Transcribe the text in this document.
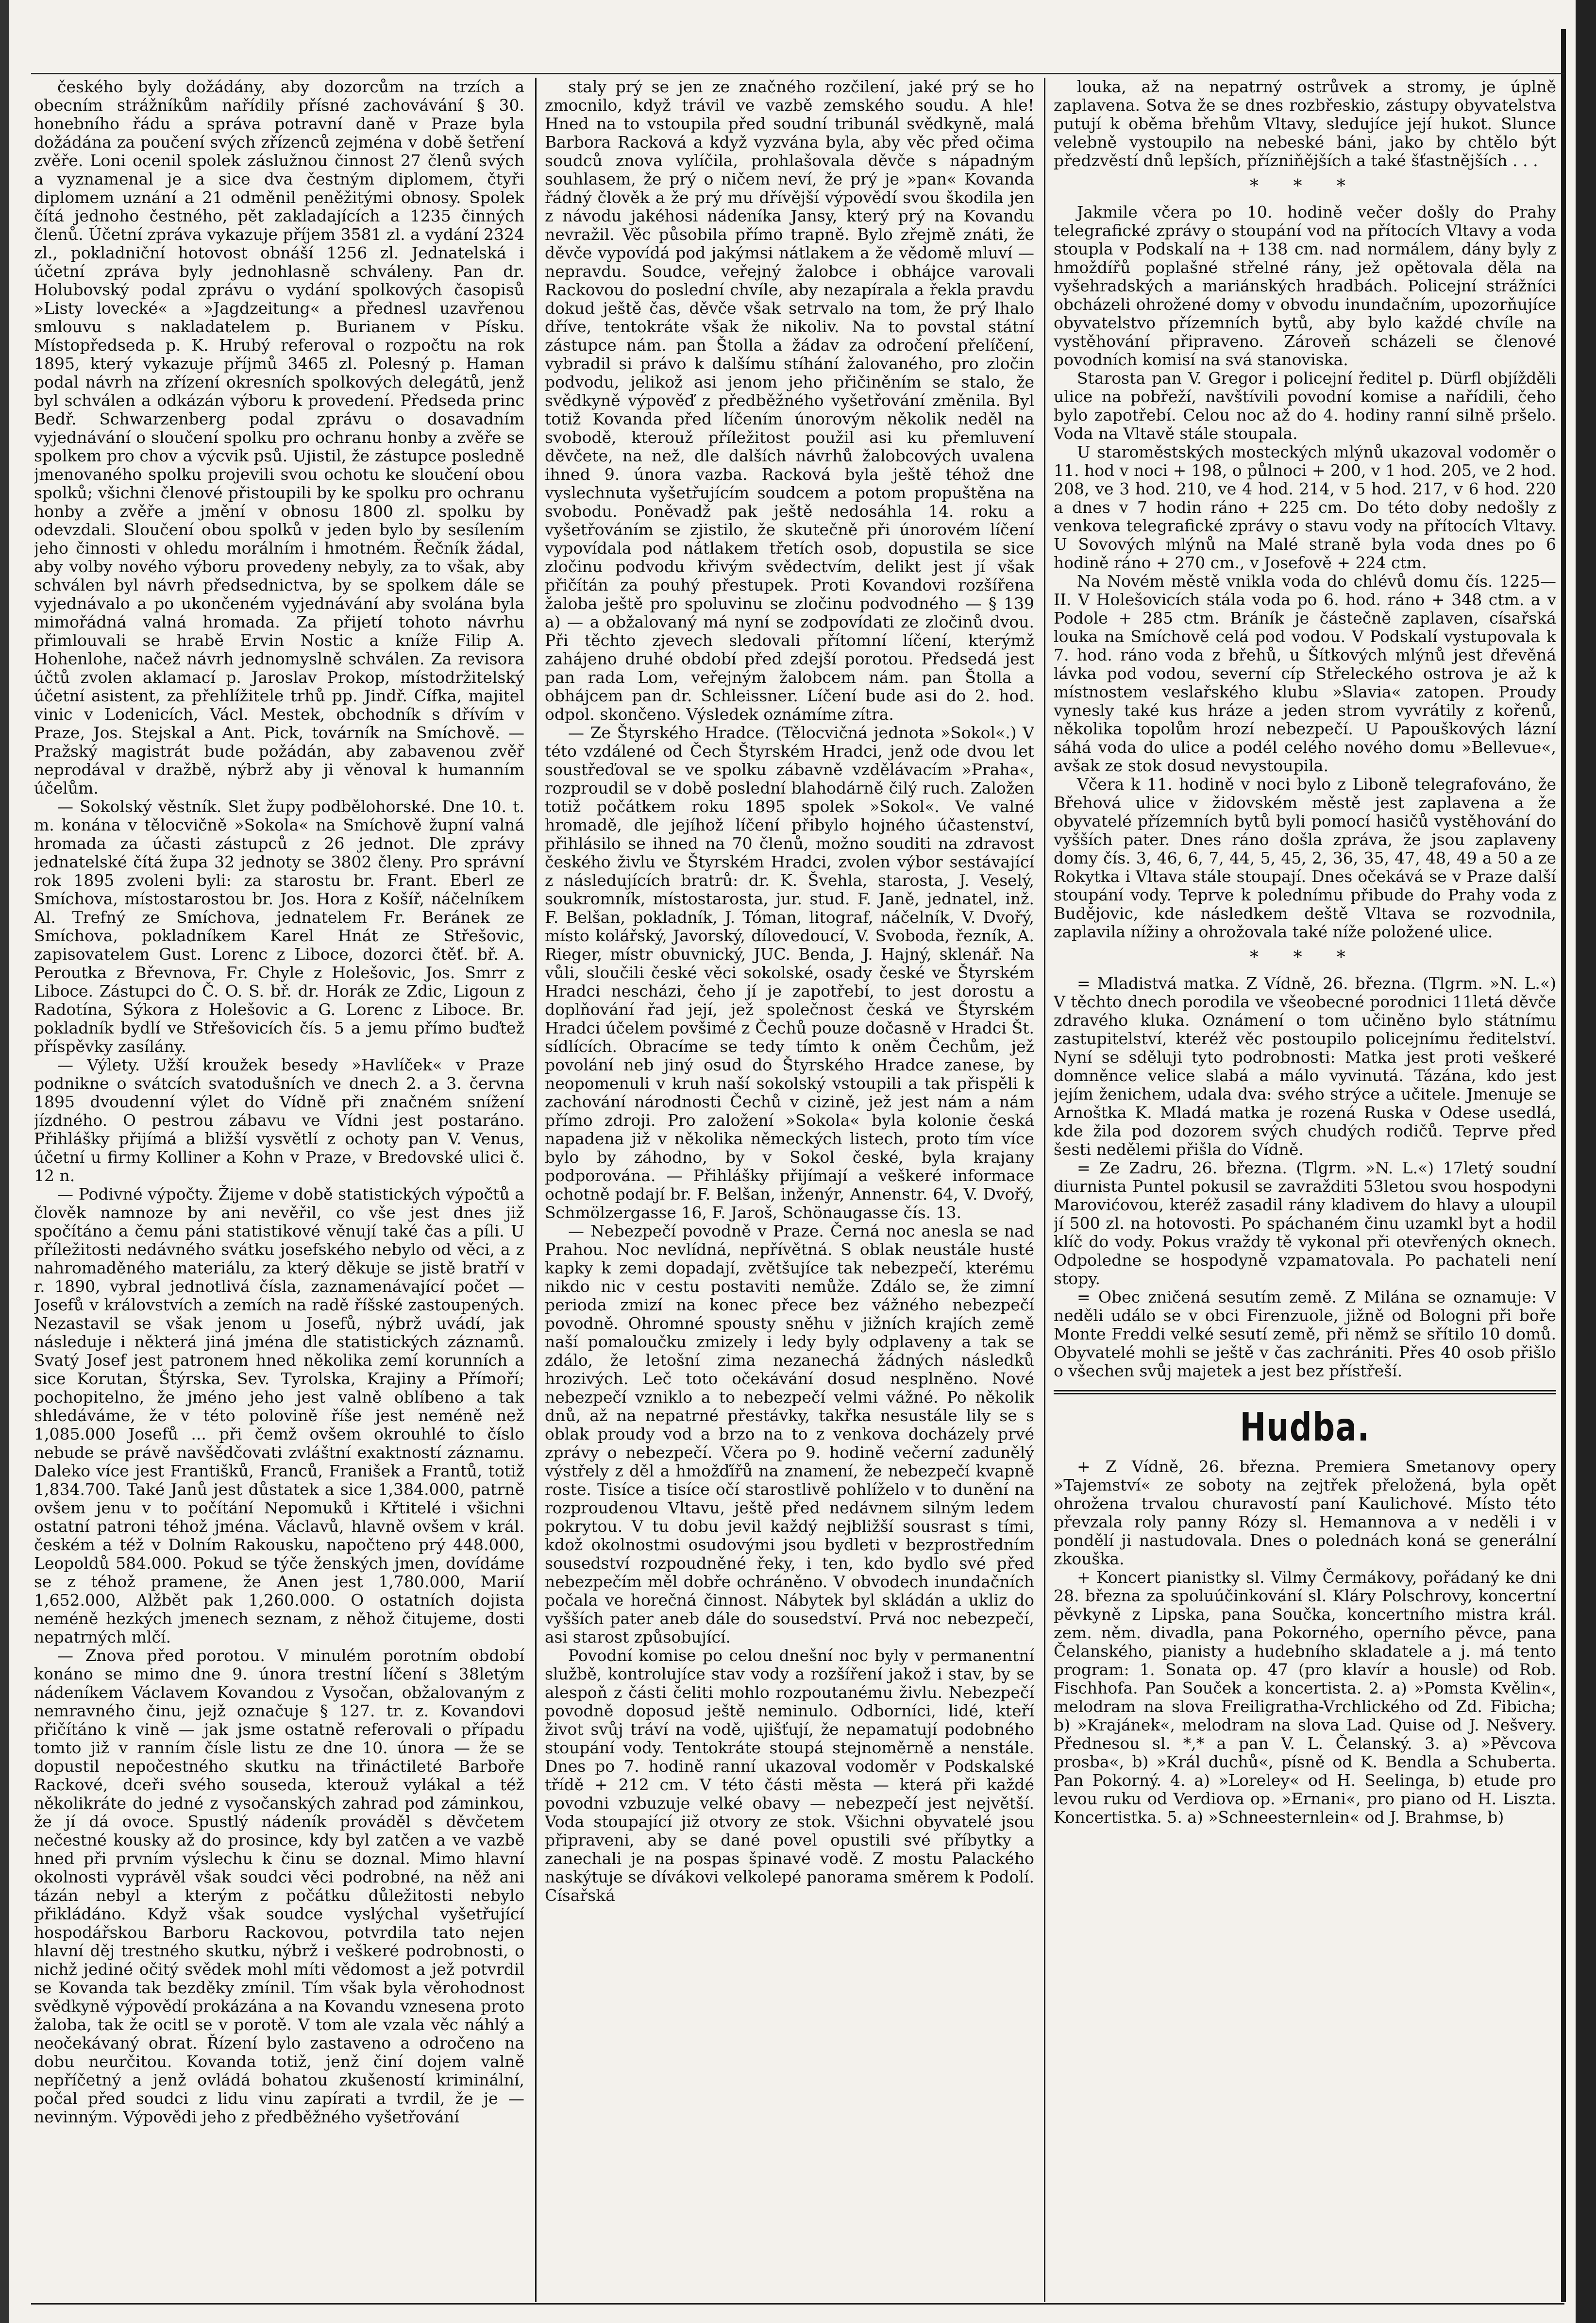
českého byly dožádány, aby dozorcům na trzích a obecním strážníkům nařídily přísné zachovávání § 30. honebního řádu a správa potravní daně v Praze byla dožádána za poučení svých zřízenců zejména v době šetření zvěře. Loni ocenil spolek záslužnou činnost 27 členů svých a vyznamenal je a sice dva čestným diplomem, čtyři diplomem uznání a 21 odměnil peněžitými obnosy. Spolek čítá jednoho čestného, pět zakladajících a 1235 činných členů. Účetní zpráva vykazuje příjem 3581 zl. a vydání 2324 zl., pokladniční hotovost obnáší 1256 zl. Jednatelská i účetní zpráva byly jednohlasně schváleny. Pan dr. Holubovský podal zprávu o vydání spolkových časopisů »Listy lovecké« a »Jagdzeitung« a přednesl uzavřenou smlouvu s nakladatelem p. Burianem v Písku. Místopředseda p. K. Hrubý referoval o rozpočtu na rok 1895, který vykazuje příjmů 3465 zl. Polesný p. Haman podal návrh na zřízení okresních spolkových delegátů, jenž byl schválen a odkázán výboru k provedení. Předseda princ Bedř. Schwarzenberg podal zprávu o dosavadním vyjednávání o sloučení spolku pro ochranu honby a zvěře se spolkem pro chov a výcvik psů. Ujistil, že zástupce posledně jmenovaného spolku projevili svou ochotu ke sloučení obou spolků; všichni členové přistoupili by ke spolku pro ochranu honby a zvěře a jmění v obnosu 1800 zl. spolku by odevzdali. Sloučení obou spolků v jeden bylo by sesílením jeho činnosti v ohledu morálním i hmotném. Řečník žádal, aby volby nového výboru provedeny nebyly, za to však, aby schválen byl návrh předsednictva, by se spolkem dále se vyjednávalo a po ukončeném vyjednávání aby svolána byla mimořádná valná hromada. Za přijetí tohoto návrhu přimlouvali se hrabě Ervin Nostic a kníže Filip A. Hohenlohe, načež návrh jednomyslně schválen. Za revisora účtů zvolen aklamací p. Jaroslav Prokop, místodržitelský účetní asistent, za přehlížitele trhů pp. Jindř. Cífka, majitel vinic v Lodenicích, Václ. Mestek, obchodník s dřívím v Praze, Jos. Stejskal a Ant. Pick, továrník na Smíchově. — Pražský magistrát bude požádán, aby zabavenou zvěř neprodával v dražbě, nýbrž aby ji věnoval k humanním účelům.

— Sokolský věstník. Slet župy podbělohorské. Dne 10. t. m. konána v tělocvičně »Sokola« na Smíchově župní valná hromada za účasti zástupců z 26 jednot. Dle zprávy jednatelské čítá župa 32 jednoty se 3802 členy. Pro správní rok 1895 zvoleni byli: za starostu br. Frant. Eberl ze Smíchova, místostarostou br. Jos. Hora z Košíř, náčelníkem Al. Trefný ze Smíchova, jednatelem Fr. Beránek ze Smíchova, pokladníkem Karel Hnát ze Střešovic, zapisovatelem Gust. Lorenc z Liboce, dozorci čtěť. bř. A. Peroutka z Břevnova, Fr. Chyle z Holešovic, Jos. Smrr z Liboce. Zástupci do Č. O. S. bř. dr. Horák ze Zdic, Ligoun z Radotína, Sýkora z Holešovic a G. Lorenc z Liboce. Br. pokladník bydlí ve Střešovicích čís. 5 a jemu přímo buďtež příspěvky zasílány.

— Výlety. Užší kroužek besedy »Havlíček« v Praze podnikne o svátcích svatodušních ve dnech 2. a 3. června 1895 dvoudenní výlet do Vídně při značném snížení jízdného. O pestrou zábavu ve Vídni jest postaráno. Přihlášky přijímá a bližší vysvětlí z ochoty pan V. Venus, účetní u firmy Kolliner a Kohn v Praze, v Bredovské ulici č. 12 n.

— Podivné výpočty. Žijeme v době statistických výpočtů a člověk namnoze by ani nevěřil, co vše jest dnes již spočítáno a čemu páni statistikové věnují také čas a píli. U příležitosti nedávného svátku josefského nebylo od věci, a z nahromaděného materiálu, za který děkuje se jistě bratří v r. 1890, vybral jednotlivá čísla, zaznamenávající počet — Josefů v královstvích a zemích na radě říšské zastoupených. Nezastavil se však jenom u Josefů, nýbrž uvádí, jak následuje i některá jiná jména dle statistických záznamů. Svatý Josef jest patronem hned několika zemí korunních a sice Korutan, Štýrska, Sev. Tyrolska, Krajiny a Přímoří; pochopitelno, že jméno jeho jest valně oblíbeno a tak shledáváme, že v této polovině říše jest neméně než 1,085.000 Josefů ... při čemž ovšem okrouhlé to číslo nebude se právě navšědčovati zvláštní exaktností záznamu. Daleko více jest Františků, Franců, Franišek a Frantů, totiž 1,834.700. Také Janů jest důstatek a sice 1,384.000, patrně ovšem jenu v to počítání Nepomuků i Křtitelé i všichni ostatní patroni téhož jména. Václavů, hlavně ovšem v král. českém a též v Dolním Rakousku, napočteno prý 448.000, Leopoldů 584.000. Pokud se týče ženských jmen, dovídáme se z téhož pramene, že Anen jest 1,780.000, Marií 1,652.000, Alžbět pak 1,260.000. O ostatních dojista neméně hezkých jmenech seznam, z něhož čitujeme, dosti nepatrných mlčí.

— Znova před porotou. V minulém porotním období konáno se mimo dne 9. února trestní líčení s 38letým nádeníkem Václavem Kovandou z Vysočan, obžalovaným z nemravného činu, jejž označuje § 127. tr. z. Kovandovi přičítáno k vině — jak jsme ostatně referovali o případu tomto již v ranním čísle listu ze dne 10. února — že se dopustil nepočestného skutku na třináctileté Barboře Rackové, dceři svého souseda, kterouž vylákal a též několikráte do jedné z vysočanských zahrad pod záminkou, že jí dá ovoce. Spustlý nádeník prováděl s děvčetem nečestné kousky až do prosince, kdy byl zatčen a ve vazbě hned při prvním výslechu k činu se doznal. Mimo hlavní okolnosti vyprávěl však soudci věci podrobné, na něž ani tázán nebyl a kterým z počátku důležitosti nebylo přikládáno. Když však soudce vyslýchal vyšetřující hospodářskou Barboru Rackovou, potvrdila tato nejen hlavní děj trestného skutku, nýbrž i veškeré podrobnosti, o nichž jediné očitý svědek mohl míti vědomost a jež potvrdil se Kovanda tak bezděky zmínil. Tím však byla věrohodnost svědkyně výpovědí prokázána a na Kovandu vznesena proto žaloba, tak že ocitl se v porotě. V tom ale vzala věc náhlý a neočekávaný obrat. Řízení bylo zastaveno a odročeno na dobu neurčitou. Kovanda totiž, jenž činí dojem valně nepříčetný a jenž ovládá bohatou zkušeností kriminální, počal před soudci z lidu vinu zapírati a tvrdil, že je — nevinným. Výpovědi jeho z předběžného vyšetřování

staly prý se jen ze značného rozčilení, jaké prý se ho zmocnilo, když trávil ve vazbě zemského soudu. A hle! Hned na to vstoupila před soudní tribunál svědkyně, malá Barbora Racková a když vyzvána byla, aby věc před očima soudců znova vylíčila, prohlašovala děvče s nápadným souhlasem, že prý o ničem neví, že prý je »pan« Kovanda řádný člověk a že prý mu dřívější výpovědí svou škodila jen z návodu jakéhosi nádeníka Jansy, který prý na Kovandu nevražil. Věc působila přímo trapně. Bylo zřejmě znáti, že děvče vypovídá pod jakýmsi nátlakem a že vědomě mluví — nepravdu. Soudce, veřejný žalobce i obhájce varovali Rackovou do poslední chvíle, aby nezapírala a řekla pravdu dokud ještě čas, děvče však setrvalo na tom, že prý lhalo dříve, tentokráte však že nikoliv. Na to povstal státní zástupce nám. pan Štolla a žádav za odročení přelíčení, vybradil si právo k dalšímu stíhání žalovaného, pro zločin podvodu, jelikož asi jenom jeho přičiněním se stalo, že svědkyně výpověď z předběžného vyšetřování změnila. Byl totiž Kovanda před líčením únorovým několik neděl na svobodě, kterouž příležitost použil asi ku přemluvení děvčete, na než, dle dalších návrhů žalobcových uvalena ihned 9. února vazba. Racková byla ještě téhož dne vyslechnuta vyšetřujícím soudcem a potom propuštěna na svobodu. Poněvadž pak ještě nedosáhla 14. roku a vyšetřováním se zjistilo, že skutečně při únorovém líčení vypovídala pod nátlakem třetích osob, dopustila se sice zločinu podvodu křivým svědectvím, delikt jest jí však přičítán za pouhý přestupek. Proti Kovandovi rozšířena žaloba ještě pro spoluvinu se zločinu podvodného — § 139 a) — a obžalovaný má nyní se zodpovídati ze zločinů dvou. Při těchto zjevech sledovali přítomní líčení, kterýmž zahájeno druhé období před zdejší porotou. Předsedá jest pan rada Lom, veřejným žalobcem nám. pan Štolla a obhájcem pan dr. Schleissner. Líčení bude asi do 2. hod. odpol. skončeno. Výsledek oznámíme zítra.

— Ze Štyrského Hradce. (Tělocvičná jednota »Sokol«.) V této vzdálené od Čech Štyrském Hradci, jenž ode dvou let soustřeďoval se ve spolku zábavně vzdělávacím »Praha«, rozproudil se v době poslední blahodárně čilý ruch. Založen totiž počátkem roku 1895 spolek »Sokol«. Ve valné hromadě, dle jejíhož líčení přibylo hojného účastenství, přihlásilo se ihned na 70 členů, možno souditi na zdravost českého živlu ve Štyrském Hradci, zvolen výbor sestávající z následujících bratrů: dr. K. Švehla, starosta, J. Veselý, soukromník, místostarosta, jur. stud. F. Janě, jednatel, inž. F. Belšan, pokladník, J. Tóman, litograf, náčelník, V. Dvořý, místo kolářský, Javorský, dílovedoucí, V. Svoboda, řezník, A. Rieger, místr obuvnický, JUC. Benda, J. Hajný, sklenář. Na vůli, sloučili české věci sokolské, osady české ve Štyrském Hradci nescházi, čeho jí je zapotřebí, to jest dorostu a doplňování řad její, jež společnost česká ve Štyrském Hradci účelem povšimé z Čechů pouze dočasně v Hradci Št. sídlících. Obracíme se tedy tímto k oněm Čechům, jež povolání neb jiný osud do Štyrského Hradce zanese, by neopomenuli v kruh naší sokolský vstoupili a tak přispěli k zachování národnosti Čechů v cizině, jež jest nám a nám přímo zdroji. Pro založení »Sokola« byla kolonie česká napadena již v několika německých listech, proto tím více bylo by záhodno, by v Sokol české, byla krajany podporována. — Přihlášky přijímají a veškeré informace ochotně podají br. F. Belšan, inženýr, Annenstr. 64, V. Dvořý, Schmölzergasse 16, F. Jaroš, Schönaugasse čís. 13.

— Nebezpečí povodně v Praze. Černá noc anesla se nad Prahou. Noc nevlídná, nepřívětná. S oblak neustále husté kapky k zemi dopadají, zvětšujíce tak nebezpečí, kterému nikdo nic v cestu postaviti nemůže. Zdálo se, že zimní perioda zmizí na konec přece bez vážného nebezpečí povodně. Ohromné spousty sněhu v jižních krajích země naší pomaloučku zmizely i ledy byly odplaveny a tak se zdálo, že letošní zima nezanechá žádných následků hrozivých. Leč toto očekávání dosud nesplněno. Nové nebezpečí vzniklo a to nebezpečí velmi vážné. Po několik dnů, až na nepatrné přestávky, takřka nesustále lily se s oblak proudy vod a brzo na to z venkova docházely prvé zprávy o nebezpečí. Včera po 9. hodině večerní zadunělý výstřely z děl a hmožďířů na znamení, že nebezpečí kvapně roste. Tisíce a tisíce očí starostlivě pohlíželo v to dunění na rozproudenou Vltavu, ještě před nedávnem silným ledem pokrytou. V tu dobu jevil každý nejbližší sousrast s tími, kdož okolnostmi osudovými jsou bydleti v bezprostředním sousedství rozpoudněné řeky, i ten, kdo bydlo své před nebezpečím měl dobře ochráněno. V obvodech inundačních počala ve horečná činnost. Nábytek byl skládán a ukliz do vyšších pater aneb dále do sousedství. Prvá noc nebezpečí, asi starost způsobující.

Povodní komise po celou dnešní noc byly v permanentní službě, kontrolujíce stav vody a rozšíření jakož i stav, by se alespoň z části čeliti mohlo rozpoutanému živlu. Nebezpečí povodně doposud ještě neminulo. Odborníci, lidé, kteří život svůj tráví na vodě, ujišťují, že nepamatují podobného stoupání vody. Tentokráte stoupá stejnoměrně a nenstále. Dnes po 7. hodině ranní ukazoval vodoměr v Podskalské třídě + 212 cm. V této části města — která při každé povodni vzbuzuje velké obavy — nebezpečí jest největší. Voda stoupající již otvory ze stok. Všichni obyvatelé jsou připraveni, aby se dané povel opustili své příbytky a zanechali je na pospas špinavé vodě. Z mostu Palackého naskýtuje se dívákovi velkolepé panorama směrem k Podolí. Císařská

louka, až na nepatrný ostrůvek a stromy, je úplně zaplavena. Sotva že se dnes rozbřeskio, zástupy obyvatelstva putují k oběma břehům Vltavy, sledujíce její hukot. Slunce velebně vystoupilo na nebeské báni, jako by chtělo být předzvěstí dnů lepších, přízniňějších a také šťastnějších . . .

* * *

Jakmile včera po 10. hodině večer došly do Prahy telegrafické zprávy o stoupání vod na přítocích Vltavy a voda stoupla v Podskalí na + 138 cm. nad normálem, dány byly z hmoždířů poplašné střelné rány, jež opětovala děla na vyšehradských a mariánských hradbách. Policejní strážníci obcházeli ohrožené domy v obvodu inundačním, upozorňujíce obyvatelstvo přízemních bytů, aby bylo každé chvíle na vystěhování připraveno. Zároveň scházeli se členové povodních komisí na svá stanoviska.

Starosta pan V. Gregor i policejní ředitel p. Dürfl objížděli ulice na pobřeží, navštívili povodní komise a nařídili, čeho bylo zapotřebí. Celou noc až do 4. hodiny ranní silně pršelo. Voda na Vltavě stále stoupala.

U staroměstských mosteckých mlýnů ukazoval vodoměr o 11. hod v noci + 198, o půlnoci + 200, v 1 hod. 205, ve 2 hod. 208, ve 3 hod. 210, ve 4 hod. 214, v 5 hod. 217, v 6 hod. 220 a dnes v 7 hodin ráno + 225 cm. Do této doby nedošly z venkova telegrafické zprávy o stavu vody na přítocích Vltavy. U Sovových mlýnů na Malé straně byla voda dnes po 6 hodině ráno + 270 cm., v Josefově + 224 ctm.

Na Novém městě vnikla voda do chlévů domu čís. 1225—II. V Holešovicích stála voda po 6. hod. ráno + 348 ctm. a v Podole + 285 ctm. Bráník je částečně zaplaven, císařská louka na Smíchově celá pod vodou. V Podskalí vystupovala k 7. hod. ráno voda z břehů, u Šítkových mlýnů jest dřevěná lávka pod vodou, severní cíp Střeleckého ostrova je až k místnostem veslařského klubu »Slavia« zatopen. Proudy vynesly také kus hráze a jeden strom vyvrátily z kořenů, několika topolům hrozí nebezpečí. U Papouškových lázní sáhá voda do ulice a podél celého nového domu »Bellevue«, avšak ze stok dosud nevystoupila.

Včera k 11. hodině v noci bylo z Liboně telegrafováno, že Břehová ulice v židovském městě jest zaplavena a že obyvatelé přízemních bytů byli pomocí hasičů vystěhování do vyšších pater. Dnes ráno došla zpráva, že jsou zaplaveny domy čís. 3, 46, 6, 7, 44, 5, 45, 2, 36, 35, 47, 48, 49 a 50 a ze Rokytka i Vltava stále stoupají. Dnes očekává se v Praze další stoupání vody. Teprve k polednímu přibude do Prahy voda z Budějovic, kde následkem deště Vltava se rozvodnila, zaplavila nížiny a ohrožovala také níže položené ulice.

* * *

= Mladistvá matka. Z Vídně, 26. března. (Tlgrm. »N. L.«) V těchto dnech porodila ve všeobecné porodnici 11letá děvče zdravého kluka. Oznámení o tom učiněno bylo státnímu zastupitelství, kteréž věc postoupilo policejnímu ředitelství. Nyní se sděluji tyto podrobnosti: Matka jest proti veškeré domněnce velice slabá a málo vyvinutá. Tázána, kdo jest jejím ženichem, udala dva: svého strýce a učitele. Jmenuje se Arnoštka K. Mladá matka je rozená Ruska v Odese usedlá, kde žila pod dozorem svých chudých rodičů. Teprve před šesti nedělemi přišla do Vídně.

= Ze Zadru, 26. března. (Tlgrm. »N. L.«) 17letý soudní diurnista Puntel pokusil se zavražditi 53letou svou hospodyni Marovićovou, kteréž zasadil rány kladivem do hlavy a uloupil jí 500 zl. na hotovosti. Po spáchaném činu uzamkl byt a hodil klíč do vody. Pokus vraždy tě vykonal při otevřených oknech. Odpoledne se hospodyně vzpamatovala. Po pachateli není stopy.

= Obec zničená sesutím země. Z Milána se oznamuje: V neděli událo se v obci Firenzuole, jižně od Bologni při boře Monte Freddi velké sesutí země, při němž se sřítilo 10 domů. Obyvatelé mohli se ještě v čas zachrániti. Přes 40 osob přišlo o všechen svůj majetek a jest bez přístřeší.

Hudba.

+ Z Vídně, 26. března. Premiera Smetanovy opery »Tajemství« ze soboty na zejtřek přeložená, byla opět ohrožena trvalou churavostí paní Kaulichové. Místo této převzala roly panny Rózy sl. Hemannova a v neděli i v pondělí ji nastudovala. Dnes o polednách koná se generální zkouška.

+ Koncert pianistky sl. Vilmy Čermákovy, pořádaný ke dni 28. března za spoluúčinkování sl. Kláry Polschrovy, koncertní pěvkyně z Lipska, pana Součka, koncertního mistra král. zem. něm. divadla, pana Pokorného, operního pěvce, pana Čelanského, pianisty a hudebního skladatele a j. má tento program: 1. Sonata op. 47 (pro klavír a housle) od Rob. Fischhofa. Pan Souček a koncertista. 2. a) »Pomsta Kvělin«, melodram na slova Freiligratha-Vrchlického od Zd. Fibicha; b) »Krajánek«, melodram na slova Lad. Quise od J. Nešvery. Přednesou sl. *,* a pan V. L. Čelanský. 3. a) »Pěvcova prosba«, b) »Král duchů«, písně od K. Bendla a Schuberta. Pan Pokorný. 4. a) »Loreley« od H. Seelinga, b) etude pro levou ruku od Verdiova op. »Ernani«, pro piano od H. Liszta. Koncertistka. 5. a) »Schneesternlein« od J. Brahmse, b)
